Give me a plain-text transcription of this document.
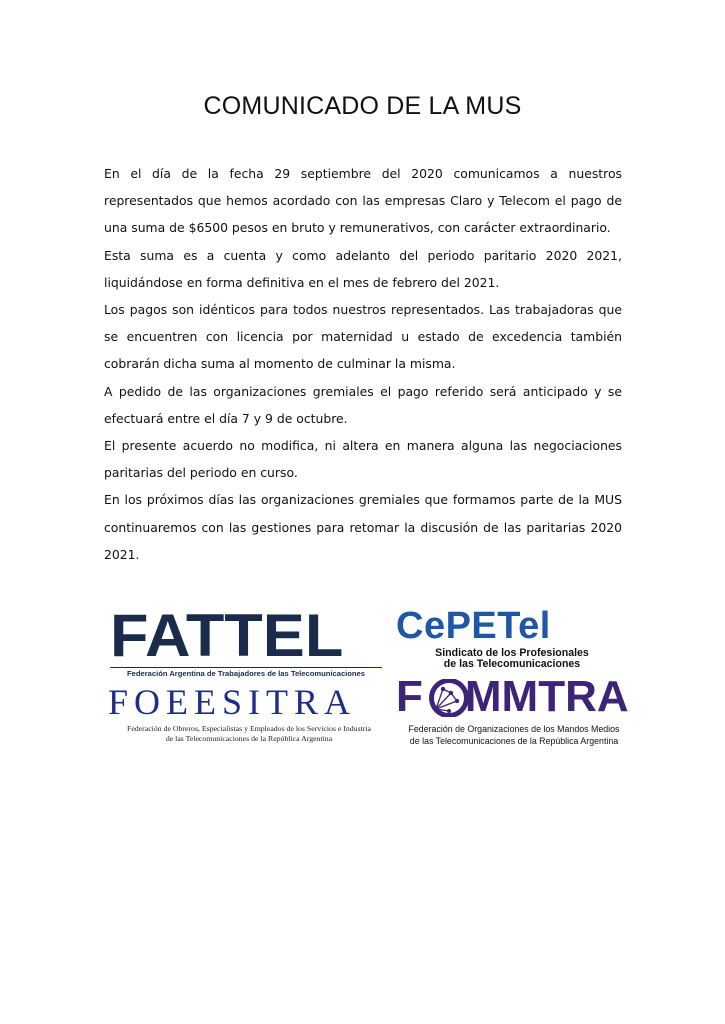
COMUNICADO DE LA MUS

En el día de la fecha 29 septiembre del 2020 comunicamos a nuestros representados que hemos acordado con las empresas Claro y Telecom el pago de una suma de $6500 pesos en bruto y remunerativos, con carácter extraordinario.

Esta suma es a cuenta y como adelanto del periodo paritario 2020 2021, liquidándose en forma definitiva en el mes de febrero del 2021.

Los pagos son idénticos para todos nuestros representados. Las trabajadoras que se encuentren con licencia por maternidad u estado de excedencia también cobrarán dicha suma al momento de culminar la misma.

A pedido de las organizaciones gremiales el pago referido será anticipado y se efectuará entre el día 7 y 9 de octubre.

El presente acuerdo no modifica, ni altera en manera alguna las negociaciones paritarias del periodo en curso.

En los próximos días las organizaciones gremiales que formamos parte de la MUS continuaremos con las gestiones para retomar la discusión de las paritarias 2020 2021.

FATTEL
Federación Argentina de Trabajadores de las Telecomunicaciones
FOEESITRA
Federación de Obreros, Especialistas y Empleados de los Servicios e Industria
de las Telecomunicaciones de la República Argentina
CePETel
Sindicato de los Profesionales
de las Telecomunicaciones
F MMTRA
Federación de Organizaciones de los Mandos Medios
de las Telecomunicaciones de la República Argentina
